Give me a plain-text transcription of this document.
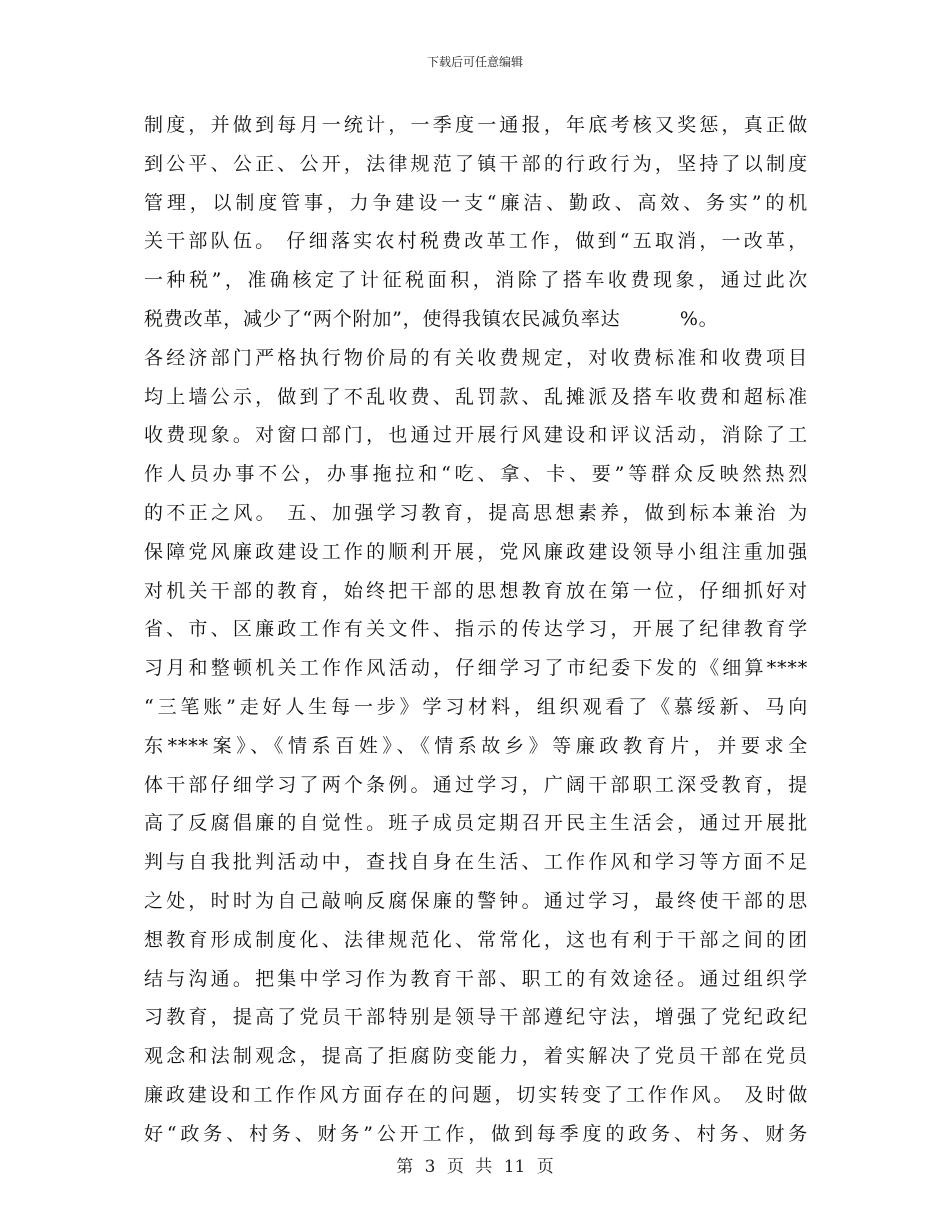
下载后可任意编辑
制度，并做到每月一统计，一季度一通报，年底考核又奖惩，真正做
到公平、公正、公开，法律规范了镇干部的行政行为，坚持了以制度
管理，以制度管事，力争建设一支“廉洁、勤政、高效、务实”的机
关干部队伍。 仔细落实农村税费改革工作，做到“五取消，一改革，
一种税”，准确核定了计征税面积，消除了搭车收费现象，通过此次
税费改革，减少了“两个附加”，使得我镇农民减负率达　　　%。
各经济部门严格执行物价局的有关收费规定，对收费标准和收费项目
均上墙公示，做到了不乱收费、乱罚款、乱摊派及搭车收费和超标准
收费现象。对窗口部门，也通过开展行风建设和评议活动，消除了工
作人员办事不公，办事拖拉和“吃、拿、卡、要”等群众反映然热烈
的不正之风。 五、加强学习教育，提高思想素养，做到标本兼治 为
保障党风廉政建设工作的顺利开展，党风廉政建设领导小组注重加强
对机关干部的教育，始终把干部的思想教育放在第一位，仔细抓好对
省、市、区廉政工作有关文件、指示的传达学习，开展了纪律教育学
习月和整顿机关工作作风活动，仔细学习了市纪委下发的《细算****
“三笔账”走好人生每一步》学习材料，组织观看了《慕绥新、马向
东****案》、《情系百姓》、《情系故乡》等廉政教育片，并要求全
体干部仔细学习了两个条例。通过学习，广阔干部职工深受教育，提
高了反腐倡廉的自觉性。班子成员定期召开民主生活会，通过开展批
判与自我批判活动中，查找自身在生活、工作作风和学习等方面不足
之处，时时为自己敲响反腐保廉的警钟。通过学习，最终使干部的思
想教育形成制度化、法律规范化、常常化，这也有利于干部之间的团
结与沟通。把集中学习作为教育干部、职工的有效途径。通过组织学
习教育，提高了党员干部特别是领导干部遵纪守法，增强了党纪政纪
观念和法制观念，提高了拒腐防变能力，着实解决了党员干部在党员
廉政建设和工作作风方面存在的问题，切实转变了工作作风。 及时做
好“政务、村务、财务”公开工作，做到每季度的政务、村务、财务
第 3 页 共 11 页
